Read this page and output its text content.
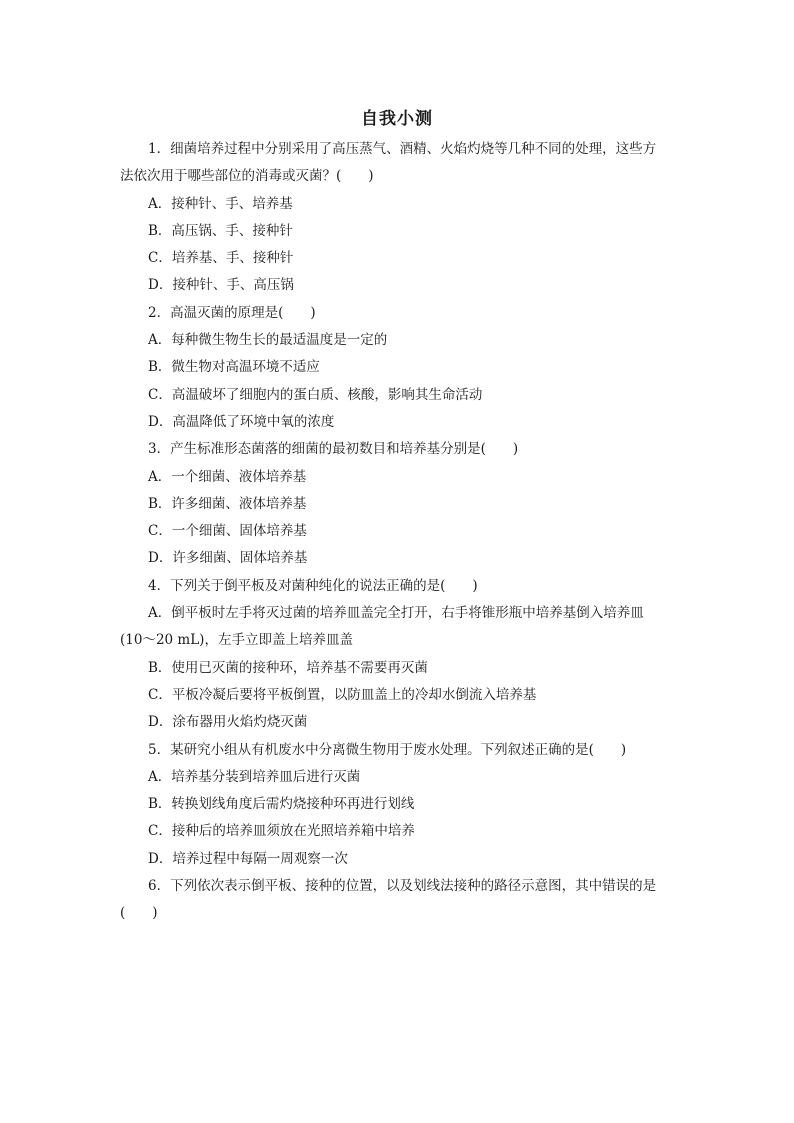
自我小测
1．细菌培养过程中分别采用了高压蒸气、酒精、火焰灼烧等几种不同的处理，这些方
法依次用于哪些部位的消毒或灭菌？(　　)
A．接种针、手、培养基
B．高压锅、手、接种针
C．培养基、手、接种针
D．接种针、手、高压锅
2．高温灭菌的原理是(　　)
A．每种微生物生长的最适温度是一定的
B．微生物对高温环境不适应
C．高温破坏了细胞内的蛋白质、核酸，影响其生命活动
D．高温降低了环境中氧的浓度
3．产生标准形态菌落的细菌的最初数目和培养基分别是(　　)
A．一个细菌、液体培养基
B．许多细菌、液体培养基
C．一个细菌、固体培养基
D．许多细菌、固体培养基
4．下列关于倒平板及对菌种纯化的说法正确的是(　　)
A．倒平板时左手将灭过菌的培养皿盖完全打开，右手将锥形瓶中培养基倒入培养皿
(10～20 mL)，左手立即盖上培养皿盖
B．使用已灭菌的接种环，培养基不需要再灭菌
C．平板冷凝后要将平板倒置，以防皿盖上的冷却水倒流入培养基
D．涂布器用火焰灼烧灭菌
5．某研究小组从有机废水中分离微生物用于废水处理。下列叙述正确的是(　　)
A．培养基分装到培养皿后进行灭菌
B．转换划线角度后需灼烧接种环再进行划线
C．接种后的培养皿须放在光照培养箱中培养
D．培养过程中每隔一周观察一次
6．下列依次表示倒平板、接种的位置，以及划线法接种的路径示意图，其中错误的是
(　　)
